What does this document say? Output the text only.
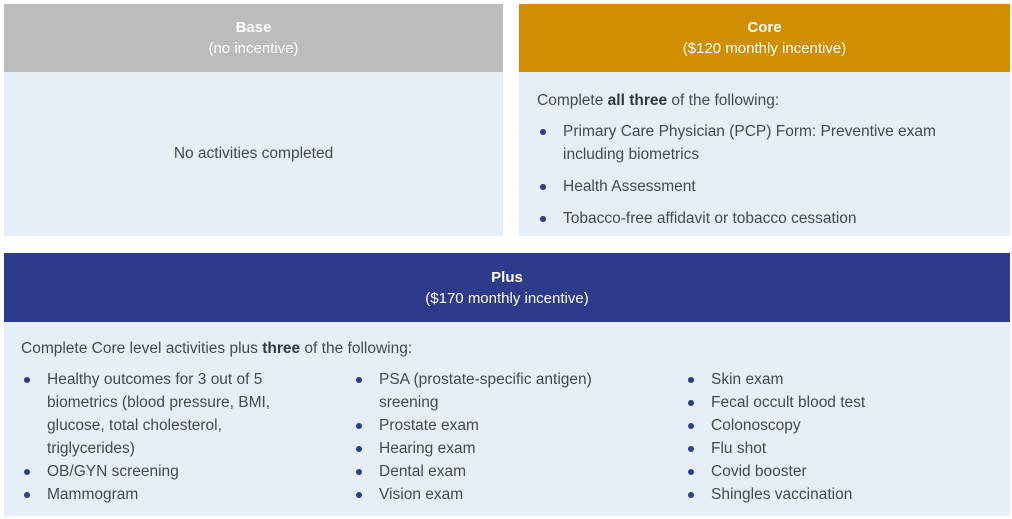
Base
(no incentive)
No activities completed
Core
($120 monthly incentive)
Complete all three of the following:
Primary Care Physician (PCP) Form: Preventive exam including biometrics
Health Assessment
Tobacco-free affidavit or tobacco cessation
Plus
($170 monthly incentive)
Complete Core level activities plus three of the following:
Healthy outcomes for 3 out of 5 biometrics (blood pressure, BMI, glucose, total cholesterol, triglycerides)
OB/GYN screening
Mammogram
PSA (prostate-specific antigen) sreening
Prostate exam
Hearing exam
Dental exam
Vision exam
Skin exam
Fecal occult blood test
Colonoscopy
Flu shot
Covid booster
Shingles vaccination
